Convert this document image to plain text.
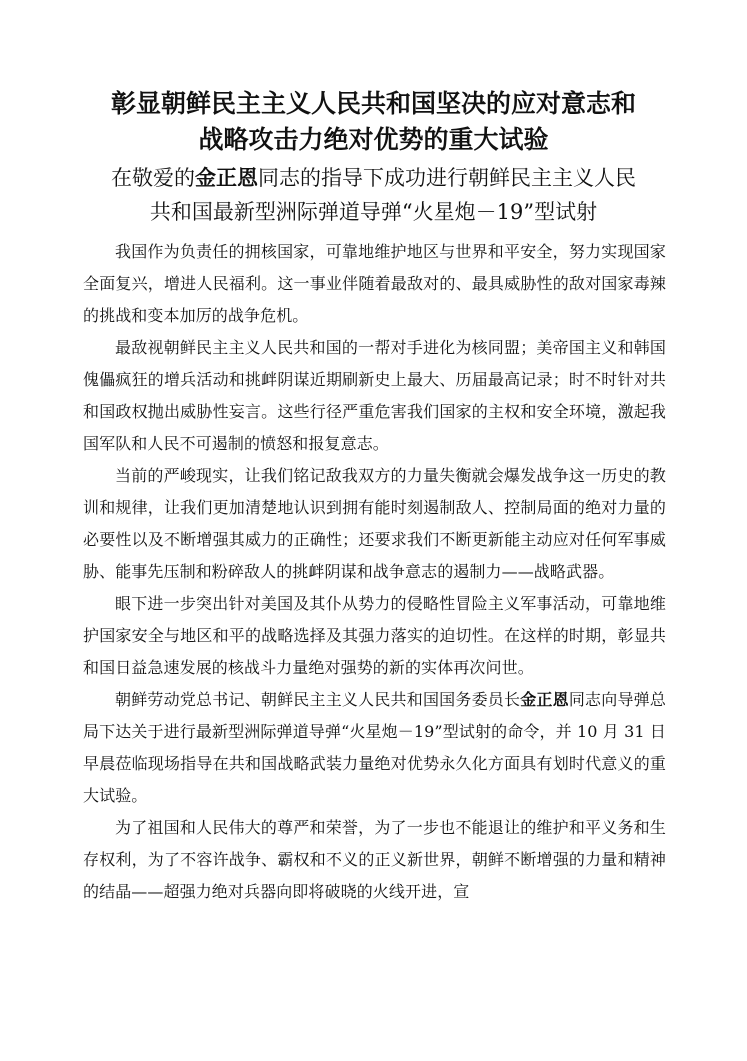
彰显朝鲜民主主义人民共和国坚决的应对意志和
战略攻击力绝对优势的重大试验
在敬爱的金正恩同志的指导下成功进行朝鲜民主主义人民
共和国最新型洲际弹道导弹“火星炮－19”型试射

我国作为负责任的拥核国家，可靠地维护地区与世界和平安全，努力实现国家全面复兴，增进人民福利。这一事业伴随着最敌对的、最具威胁性的敌对国家毒辣的挑战和变本加厉的战争危机。

最敌视朝鲜民主主义人民共和国的一帮对手进化为核同盟；美帝国主义和韩国傀儡疯狂的增兵活动和挑衅阴谋近期刷新史上最大、历届最高记录；时不时针对共和国政权抛出威胁性妄言。这些行径严重危害我们国家的主权和安全环境，激起我国军队和人民不可遏制的愤怒和报复意志。

当前的严峻现实，让我们铭记敌我双方的力量失衡就会爆发战争这一历史的教训和规律，让我们更加清楚地认识到拥有能时刻遏制敌人、控制局面的绝对力量的必要性以及不断增强其威力的正确性；还要求我们不断更新能主动应对任何军事威胁、能事先压制和粉碎敌人的挑衅阴谋和战争意志的遏制力——战略武器。

眼下进一步突出针对美国及其仆从势力的侵略性冒险主义军事活动，可靠地维护国家安全与地区和平的战略选择及其强力落实的迫切性。在这样的时期，彰显共和国日益急速发展的核战斗力量绝对强势的新的实体再次问世。

朝鲜劳动党总书记、朝鲜民主主义人民共和国国务委员长金正恩同志向导弹总局下达关于进行最新型洲际弹道导弹“火星炮－19”型试射的命令，并 10 月 31 日早晨莅临现场指导在共和国战略武装力量绝对优势永久化方面具有划时代意义的重大试验。

为了祖国和人民伟大的尊严和荣誉，为了一步也不能退让的维护和平义务和生存权利，为了不容许战争、霸权和不义的正义新世界，朝鲜不断增强的力量和精神的结晶——超强力绝对兵器向即将破晓的火线开进，宣
